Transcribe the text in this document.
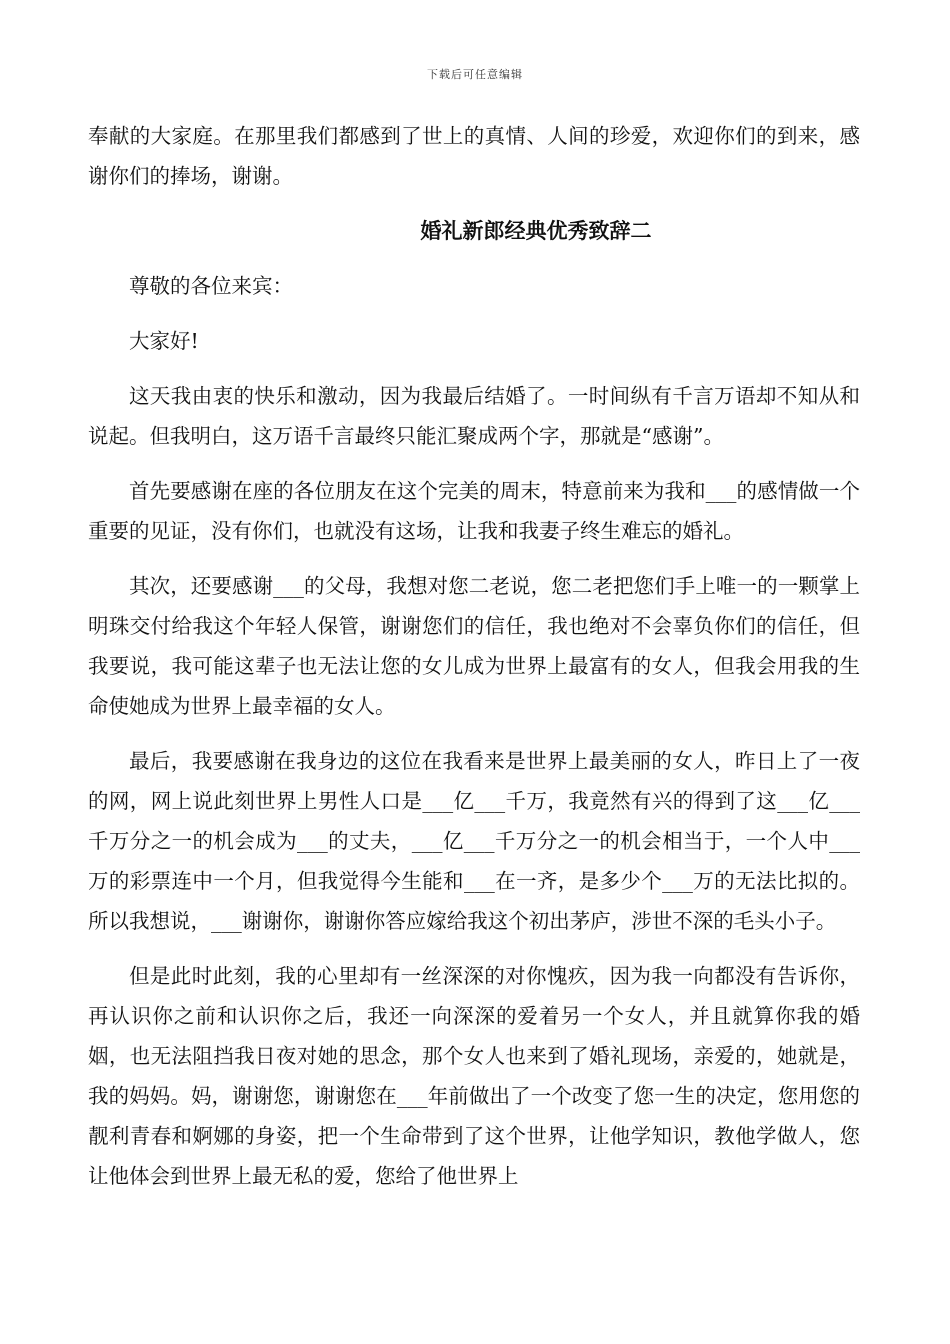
下载后可任意编辑

奉献的大家庭。在那里我们都感到了世上的真情、人间的珍爱，欢迎你们的到来，感谢你们的捧场，谢谢。

婚礼新郎经典优秀致辞二

尊敬的各位来宾：

大家好!

这天我由衷的快乐和激动，因为我最后结婚了。一时间纵有千言万语却不知从和说起。但我明白，这万语千言最终只能汇聚成两个字，那就是“感谢”。

首先要感谢在座的各位朋友在这个完美的周末，特意前来为我和___的感情做一个重要的见证，没有你们，也就没有这场，让我和我妻子终生难忘的婚礼。

其次，还要感谢___的父母，我想对您二老说，您二老把您们手上唯一的一颗掌上明珠交付给我这个年轻人保管，谢谢您们的信任，我也绝对不会辜负你们的信任，但我要说，我可能这辈子也无法让您的女儿成为世界上最富有的女人，但我会用我的生命使她成为世界上最幸福的女人。

最后，我要感谢在我身边的这位在我看来是世界上最美丽的女人，昨日上了一夜的网，网上说此刻世界上男性人口是___亿___千万，我竟然有兴的得到了这___亿___千万分之一的机会成为___的丈夫，___亿___千万分之一的机会相当于，一个人中___万的彩票连中一个月，但我觉得今生能和___在一齐，是多少个___万的无法比拟的。所以我想说，___谢谢你，谢谢你答应嫁给我这个初出茅庐，涉世不深的毛头小子。

但是此时此刻，我的心里却有一丝深深的对你愧疚，因为我一向都没有告诉你，再认识你之前和认识你之后，我还一向深深的爱着另一个女人，并且就算你我的婚姻，也无法阻挡我日夜对她的思念，那个女人也来到了婚礼现场，亲爱的，她就是，我的妈妈。妈，谢谢您，谢谢您在___年前做出了一个改变了您一生的决定，您用您的靓利青春和婀娜的身姿，把一个生命带到了这个世界，让他学知识，教他学做人，您让他体会到世界上最无私的爱，您给了他世界上
